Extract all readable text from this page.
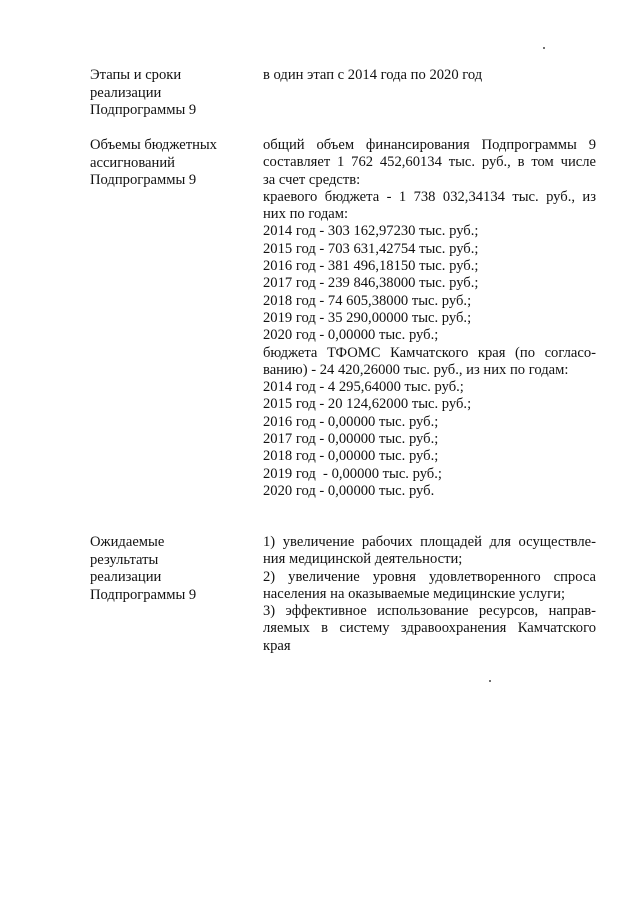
Этапы и сроки
реализации
Подпрограммы 9
в один этап с 2014 года по 2020 год
Объемы бюджетных
ассигнований
Подпрограммы 9
общий объем финансирования Подпрограммы 9
составляет 1 762 452,60134 тыс. руб., в том числе
за счет средств:
краевого бюджета - 1 738 032,34134 тыс. руб., из
них по годам:
2014 год - 303 162,97230 тыс. руб.;
2015 год - 703 631,42754 тыс. руб.;
2016 год - 381 496,18150 тыс. руб.;
2017 год - 239 846,38000 тыс. руб.;
2018 год - 74 605,38000 тыс. руб.;
2019 год - 35 290,00000 тыс. руб.;
2020 год - 0,00000 тыс. руб.;
бюджета ТФОМС Камчатского края (по согласо-
ванию) - 24 420,26000 тыс. руб., из них по годам:
2014 год - 4 295,64000 тыс. руб.;
2015 год - 20 124,62000 тыс. руб.;
2016 год - 0,00000 тыс. руб.;
2017 год - 0,00000 тыс. руб.;
2018 год - 0,00000 тыс. руб.;
2019 год  - 0,00000 тыс. руб.;
2020 год - 0,00000 тыс. руб.
Ожидаемые
результаты
реализации
Подпрограммы 9
1) увеличение рабочих площадей для осуществле-
ния медицинской деятельности;
2) увеличение уровня удовлетворенного спроса
населения на оказываемые медицинские услуги;
3) эффективное использование ресурсов, направ-
ляемых в систему здравоохранения Камчатского
края
